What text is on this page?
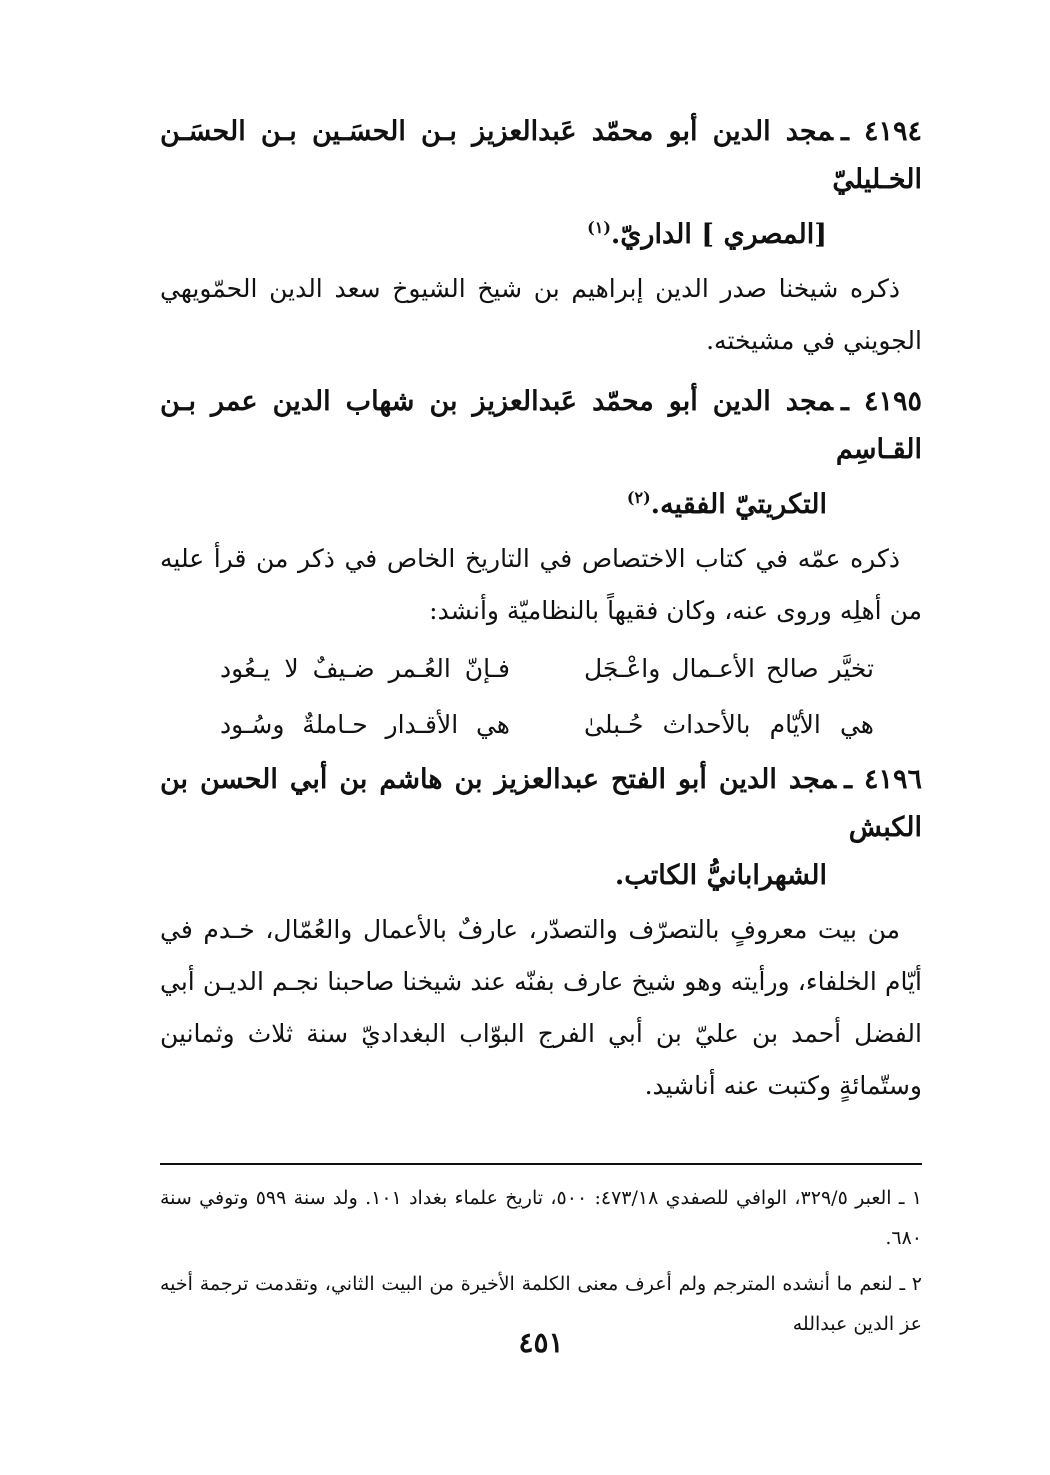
٤١٩٤ ـمجد الدين أبو محمّد عَبدالعزيز بـن الحسَـين بـن الحسَـن الخـليليّ
[المصري ] الداريّ.$^{(١)}$

ذكره شيخنا صدر الدين إبراهيم بن شيخ الشيوخ سعد الدين الحمّويهي الجويني في مشيخته.

٤١٩٥ ـمجد الدين أبو محمّد عَبدالعزيز بن شهاب الدين عمر بـن القـاسِم
التكريتيّ الفقيه.$^{(٢)}$

ذكره عمّه في كتاب الاختصاص في التاريخ الخاص في ذكر من قرأ عليه من أهلِه وروى عنه، وكان فقيهاً بالنظاميّة وأنشد:

تخيَّر صالح الأعـمال واعْـجَل
فـإنّ العُـمر ضـيفٌ لا يـعُود
هي الأيّام بالأحداث حُـبلىٰ
هي الأقـدار حـاملةٌ وسُـود

٤١٩٦ ـمجد الدين أبو الفتح عبدالعزيز بن هاشم بن أبي الحسن بن الكبش
الشهرابانيُّ الكاتب.

من بيت معروفٍ بالتصرّف والتصدّر، عارفٌ بالأعمال والعُمّال، خـدم في أيّام الخلفاء، ورأيته وهو شيخ عارف بفنّه عند شيخنا صاحبنا نجـم الديـن أبي الفضل أحمد بن عليّ بن أبي الفرج البوّاب البغداديّ سنة ثلاث وثمانين وستّمائةٍ وكتبت عنه أناشيد.

١ ـ العبر ٣٢٩/٥، الوافي للصفدي ٤٧٣/١٨: ٥٠٠، تاريخ علماء بغداد ١٠١. ولد سنة ٥٩٩ وتوفي سنة ٦٨٠.

٢ ـ لنعم ما أنشده المترجم ولم أعرف معنى الكلمة الأخيرة من البيت الثاني، وتقدمت ترجمة أخيه عز الدين عبدالله

٤٥١
